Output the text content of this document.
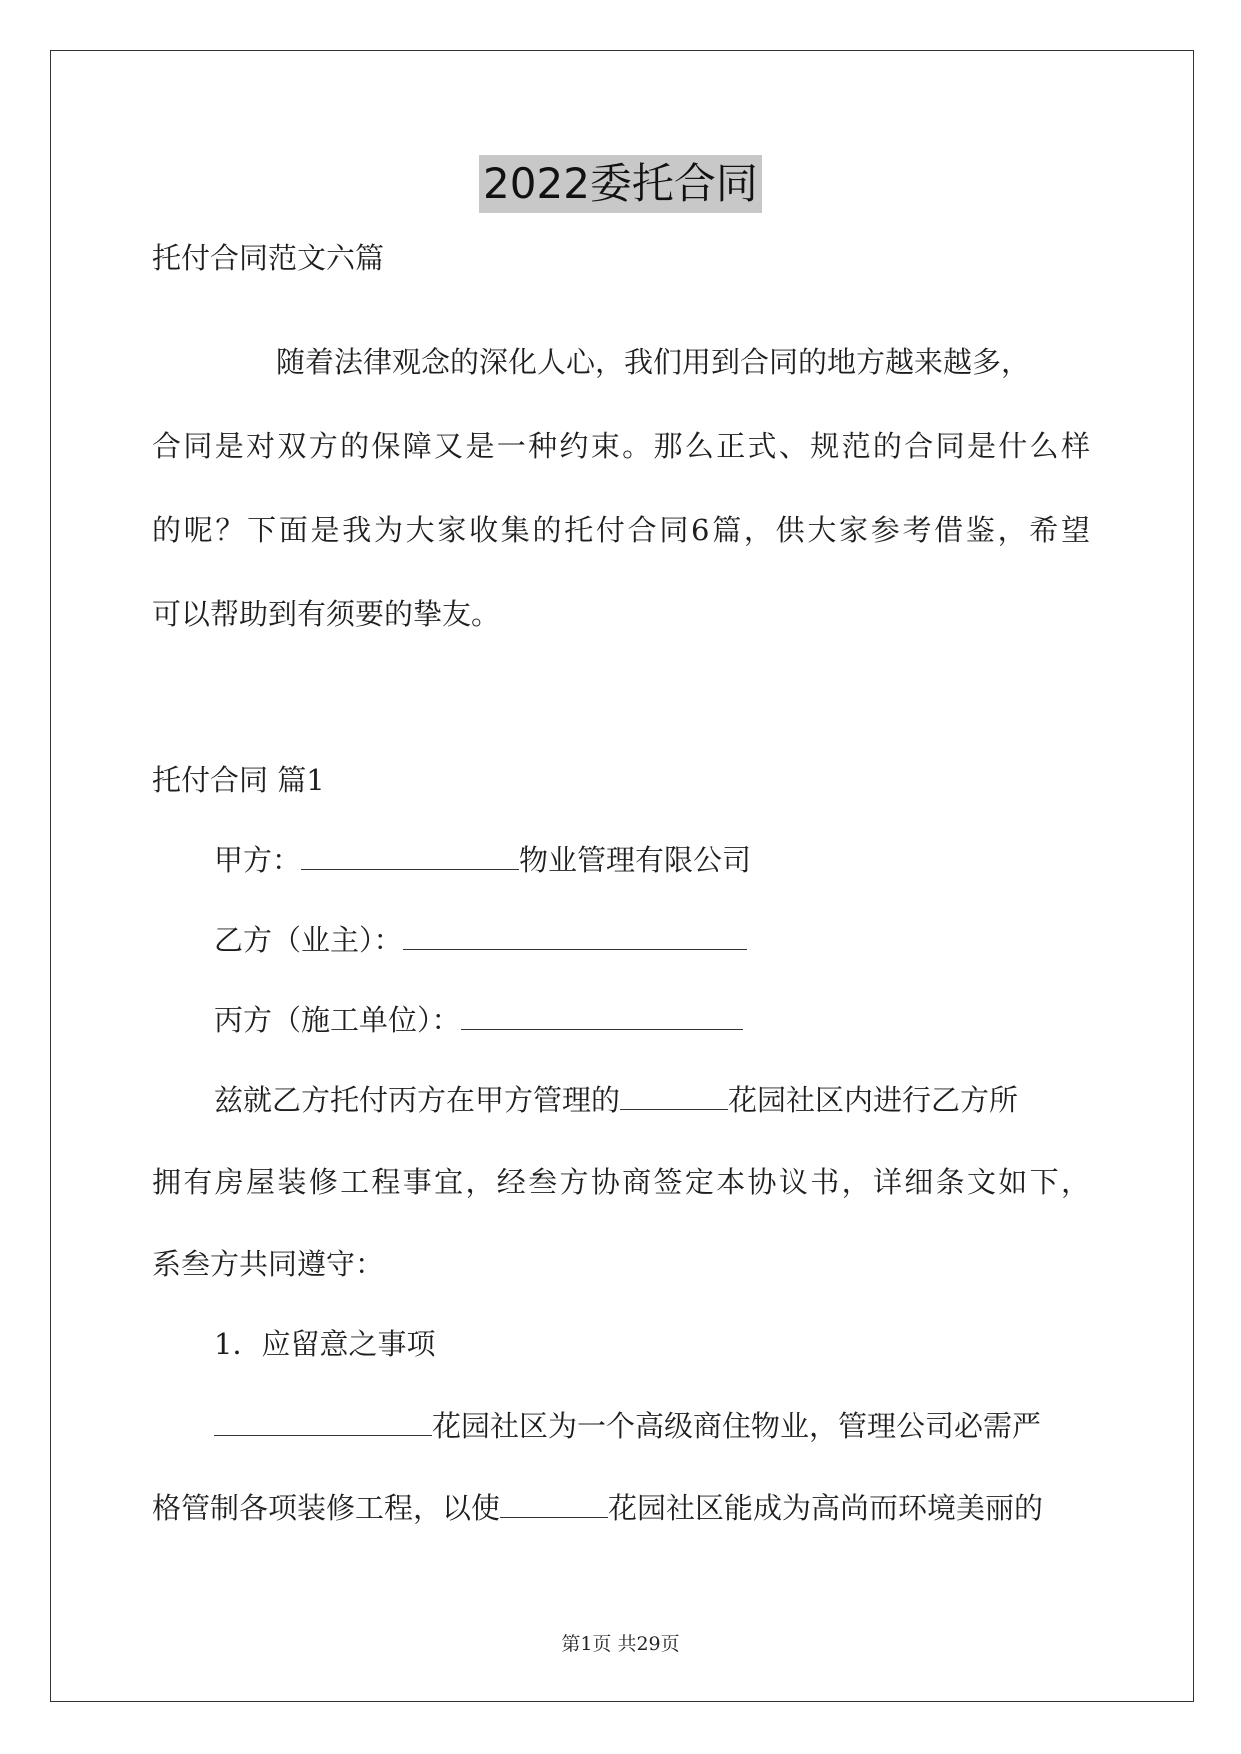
2022委托合同
托付合同范文六篇
随着法律观念的深化人心，我们用到合同的地方越来越多，
合同是对双方的保障又是一种约束。那么正式、规范的合同是什么样
的呢？下面是我为大家收集的托付合同6篇，供大家参考借鉴，希望
可以帮助到有须要的挚友。
托付合同 篇1
甲方：	物业管理有限公司
乙方（业主）：
丙方（施工单位）：
兹就乙方托付丙方在甲方管理的	花园社区内进行乙方所
拥有房屋装修工程事宜，经叁方协商签定本协议书，详细条文如下，
系叁方共同遵守：
1．应留意之事项
花园社区为一个高级商住物业，管理公司必需严
格管制各项装修工程，以使	花园社区能成为高尚而环境美丽的
第1页 共29页
